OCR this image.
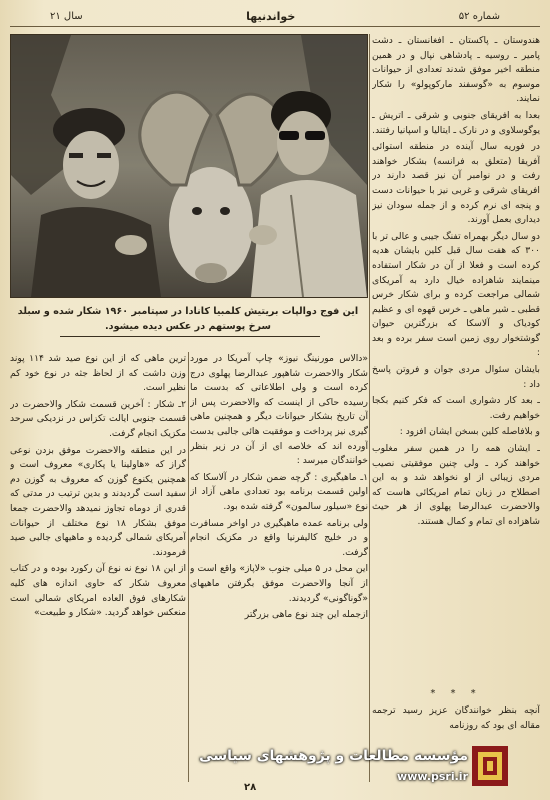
شماره ۵۲
خواندنیها
سال ۲۱
این فوج دوالپات بریتیش کلمبیا کانادا در سپتامبر ۱۹۶۰ شکار شده و سبلد
سرخ پوستهم در عکس دیده میشود.

هندوستان ـ پاکستان ـ افغانستان ـ دشت پامیر ـ روسیه ـ پادشاهی نپال و در همین منطقه اخیر موفق شدند تعدادی از حیوانات موسوم به «گوسفند مارکوپولو» را شکار نمایند.

بعدا به افریقای جنوبی و شرقی ـ اتریش ـ یوگوسلاوی و در نارک ـ ایتالیا و اسپانیا رفتند.

در فوریه سال آینده در منطقه استوائی آفریقا (متعلق به فرانسه) بشکار خواهند رفت و در نوامبر آن نیز قصد دارند در افریقای شرقی و غربی نیز با حیوانات دست و پنجه ای نرم کرده و از جمله سودان نیز دیداری بعمل آورند.

دو سال دیگر بهمراه تفنگ جیبی و عالی تر با ۳۰۰ که هفت سال قبل کلین بایشان هدیه کرده است و فعلا از آن در شکار استفاده مینمایند شاهزاده خیال دارد به آمریکای شمالی مراجعت کرده و برای شکار خرس قطبی ـ شیر ماهی ـ خرس قهوه ای و عظیم کودیاک و آلاسکا که بزرگترین حیوان گوشتخوار روی زمین است سفر برده و بعد :

بایشان سئوال مردی جوان و فروتن پاسخ داد :

ـ بعد کار دشواری است که فکر کنیم بکجا خواهیم رفت.

و بلافاصله کلین بسخن ایشان افزود :

ـ ایشان همه را در همین سفر مغلوب خواهند کرد ـ ولی چنین موفقیتی نصیب مردی زیبائی از او نخواهد شد و به این اصطلاح در زبان تمام امریکائی هاست که والاحضرت عبدالرضا پهلوی از هر حیث شاهزاده ای تمام و کمال هستند.

* * *

آنچه بنظر خوانندگان عزیز رسید ترجمه مقاله ای بود که روزنامه

«دالاس مورنینگ نیوز» چاپ آمریکا در مورد شکار والاحضرت شاهپور عبدالرضا پهلوی درج کرده است و ولی اطلاعاتی که بدست ما رسیده حاکی از اینست که والاحضرت پس از آن تاریخ بشکار حیوانات دیگر و همچنین ماهی گیری نیز پرداخت و موفقیت هائی جالبی بدست آورده اند که خلاصه ای از آن در زیر بنظر خوانندگان میرسد :

۱ـ ماهیگیری : گرچه ضمن شکار در آلاسکا که اولین قسمت برنامه بود تعدادی ماهی آزاد از نوع «سیلور سالمون» گرفته شده بود.

ولی برنامه عمده ماهیگیری در اواخر مسافرت و در خلیج کالیفرنیا واقع در مکزیک انجام گرفت.

این محل در ۵ میلی جنوب «لاپاز» واقع است و از آنجا والاحضرت موفق بگرفتن ماهیهای «گوناگونی» گردیدند.

ازجمله این چند نوع ماهی بزرگتر

ترین ماهی که از این نوع صید شد ۱۱۴ پوند وزن داشت که از لحاظ جثه در نوع خود کم نظیر است.

۲ـ شکار : آخرین قسمت شکار والاحضرت در قسمت جنوبی ایالت تکزاس در نزدیکی سرحد مکزیک انجام گرفت.

در این منطقه والاحضرت موفق بزدن نوعی گراز که «هاولینا یا پکاری» معروف است و همچنین یکنوع گوزن که معروف به گوزن دم سفید است گردیدند و بدین ترتیب در مدتی که قدری از دوماه تجاوز نمیدهد والاحضرت جمعا موفق بشکار ۱۸ نوع مختلف از حیوانات آمریکای شمالی گردیده و ماهیهای جالبی صید فرمودند.

از این ۱۸ نوع نه نوع آن رکورد بوده و در کتاب معروف شکار که حاوی اندازه های کلیه شکارهای فوق العاده امریکای شمالی است منعکس خواهد گردید. «شکار و طبیعت»

۲۸
مؤسسه مطالعات و پژوهشهای سیاسی
www.psri.ir
